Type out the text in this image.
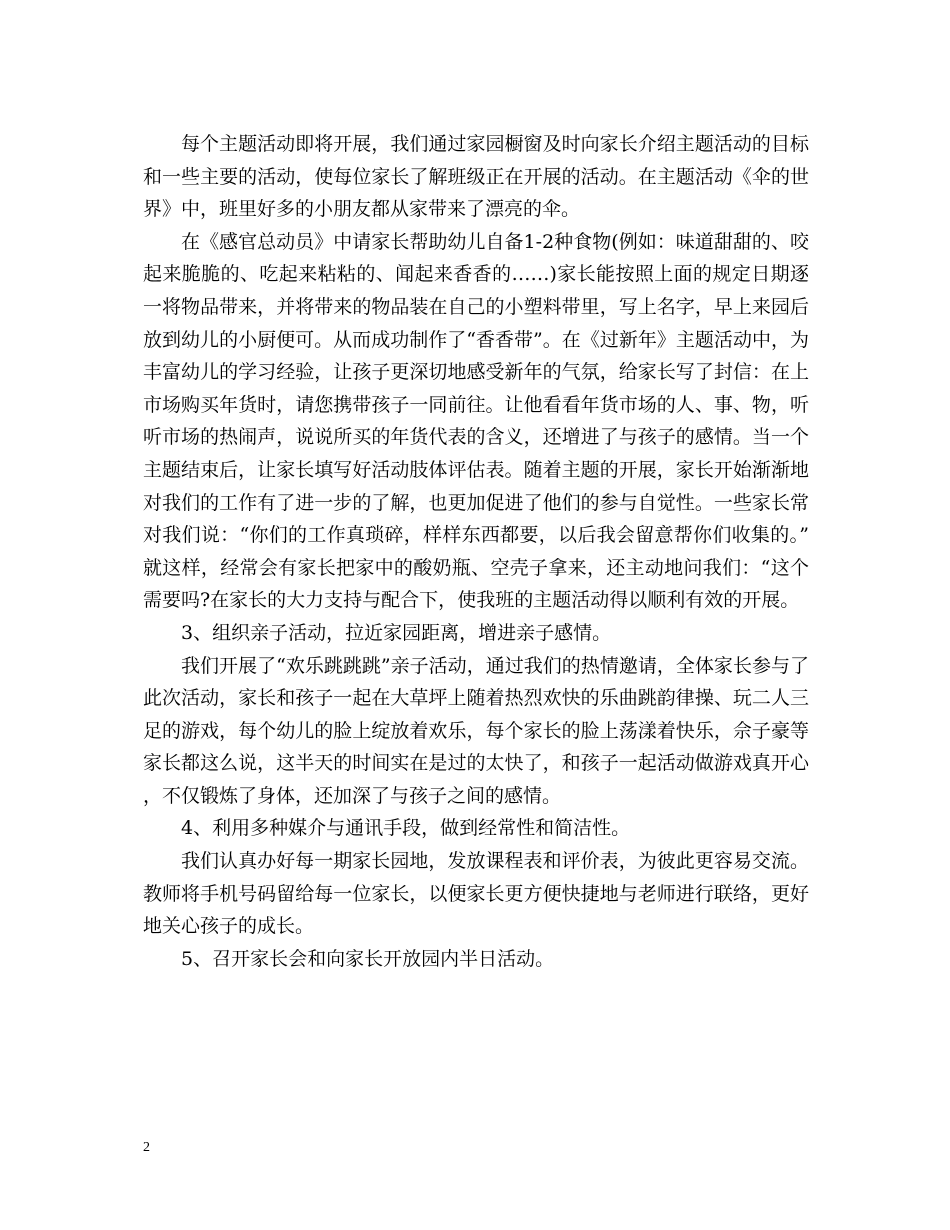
每个主题活动即将开展，我们通过家园橱窗及时向家长介绍主题活动的目标和一些主要的活动，使每位家长了解班级正在开展的活动。在主题活动《伞的世界》中，班里好多的小朋友都从家带来了漂亮的伞。

在《感官总动员》中请家长帮助幼儿自备1-2种食物(例如：味道甜甜的、咬起来脆脆的、吃起来粘粘的、闻起来香香的……)家长能按照上面的规定日期逐一将物品带来，并将带来的物品装在自己的小塑料带里，写上名字，早上来园后放到幼儿的小厨便可。从而成功制作了“香香带”。在《过新年》主题活动中，为丰富幼儿的学习经验，让孩子更深切地感受新年的气氛，给家长写了封信：在上市场购买年货时，请您携带孩子一同前往。让他看看年货市场的人、事、物，听听市场的热闹声，说说所买的年货代表的含义，还增进了与孩子的感情。当一个主题结束后，让家长填写好活动肢体评估表。随着主题的开展，家长开始渐渐地对我们的工作有了进一步的了解，也更加促进了他们的参与自觉性。一些家长常对我们说：“你们的工作真琐碎，样样东西都要，以后我会留意帮你们收集的。”就这样，经常会有家长把家中的酸奶瓶、空壳子拿来，还主动地问我们：“这个需要吗?在家长的大力支持与配合下，使我班的主题活动得以顺利有效的开展。

3、组织亲子活动，拉近家园距离，增进亲子感情。

我们开展了“欢乐跳跳跳”亲子活动，通过我们的热情邀请，全体家长参与了此次活动，家长和孩子一起在大草坪上随着热烈欢快的乐曲跳韵律操、玩二人三足的游戏，每个幼儿的脸上绽放着欢乐，每个家长的脸上荡漾着快乐，佘子豪等家长都这么说，这半天的时间实在是过的太快了，和孩子一起活动做游戏真开心，不仅锻炼了身体，还加深了与孩子之间的感情。

4、利用多种媒介与通讯手段，做到经常性和简洁性。

我们认真办好每一期家长园地，发放课程表和评价表，为彼此更容易交流。教师将手机号码留给每一位家长，以便家长更方便快捷地与老师进行联络，更好地关心孩子的成长。

5、召开家长会和向家长开放园内半日活动。

2
